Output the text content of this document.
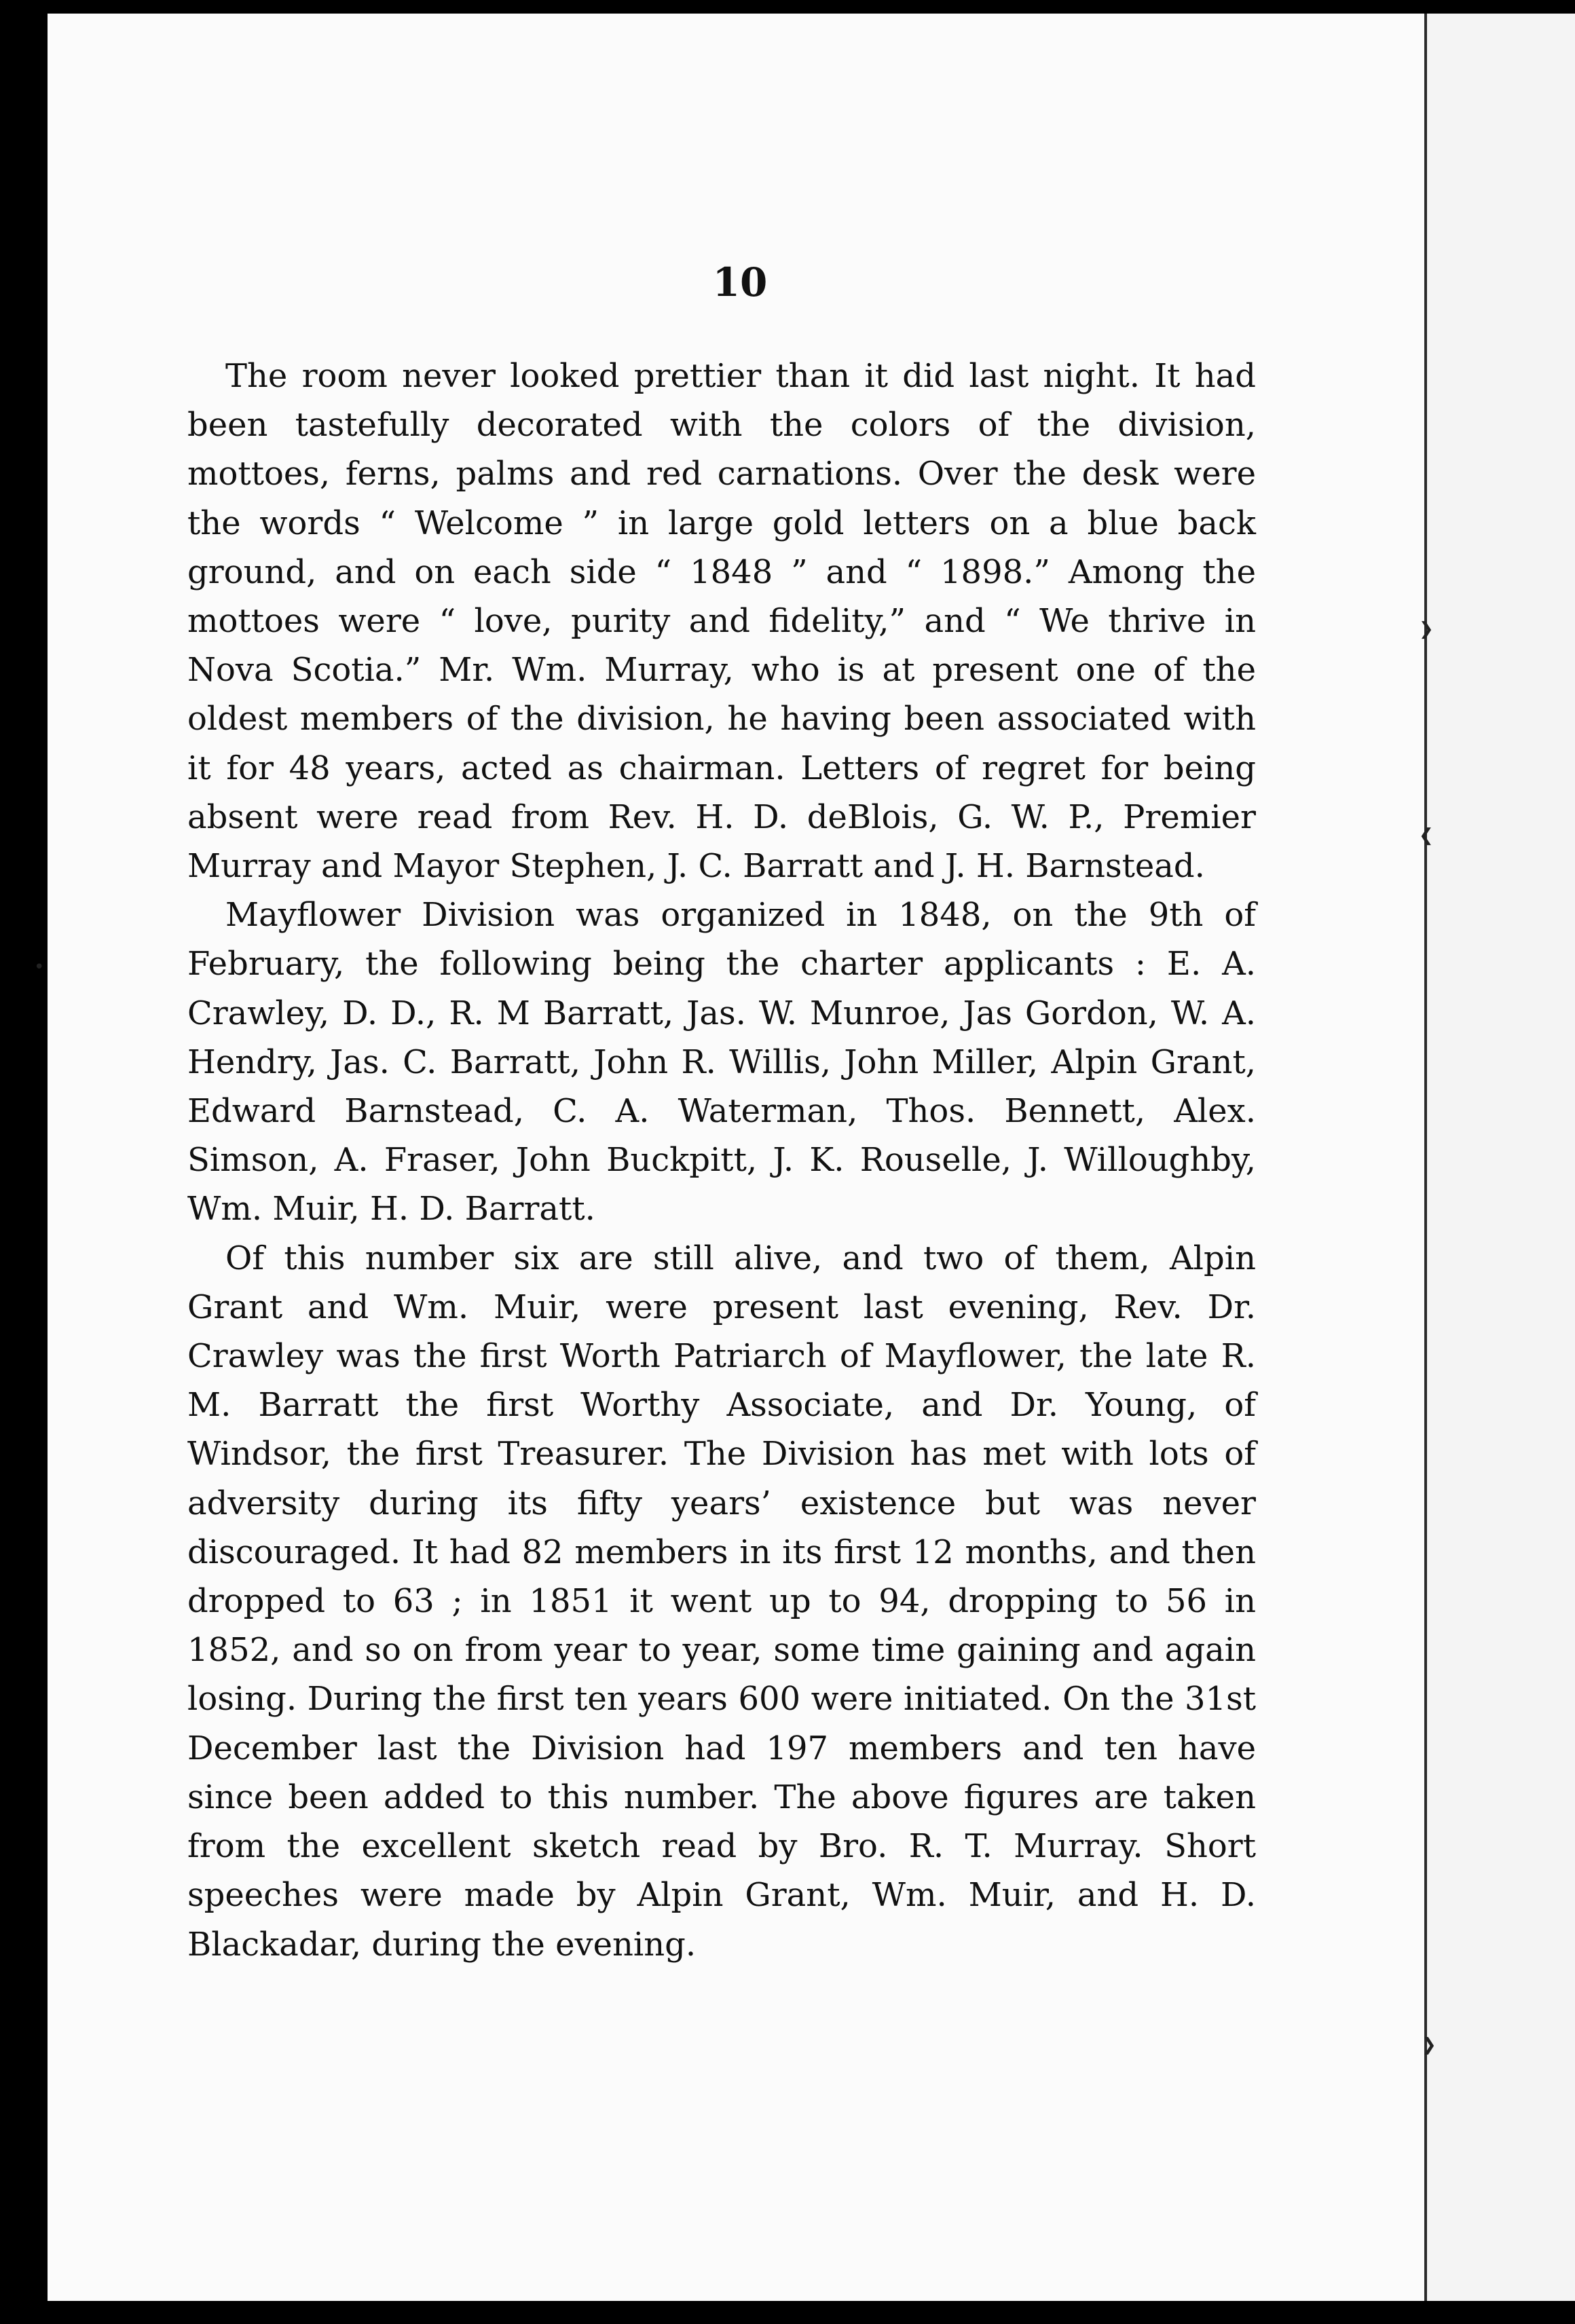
10

The room never looked prettier than it did last night. It had been tastefully decorated with the colors of the division, mottoes, ferns, palms and red carnations. Over the desk were the words “ Welcome ” in large gold letters on a blue back ground, and on each side “ 1848 ” and “ 1898.” Among the mottoes were “ love, purity and fidelity,” and “ We thrive in Nova Scotia.” Mr. Wm. Murray, who is at present one of the oldest members of the division, he having been associated with it for 48 years, acted as chairman. Letters of regret for being absent were read from Rev. H. D. deBlois, G. W. P., Premier Murray and Mayor Stephen, J. C. Barratt and J. H. Barnstead.

Mayflower Division was organized in 1848, on the 9th of February, the following being the charter applicants : E. A. Crawley, D. D., R. M Barratt, Jas. W. Munroe, Jas Gordon, W. A. Hendry, Jas. C. Barratt, John R. Willis, John Miller, Alpin Grant, Edward Barnstead, C. A. Waterman, Thos. Bennett, Alex. Simson, A. Fraser, John Buckpitt, J. K. Rouselle, J. Willoughby, Wm. Muir, H. D. Barratt.

Of this number six are still alive, and two of them, Alpin Grant and Wm. Muir, were present last evening, Rev. Dr. Crawley was the first Worth Patriarch of Mayflower, the late R. M. Barratt the first Worthy Associate, and Dr. Young, of Windsor, the first Treasurer. The Division has met with lots of adversity during its fifty years’ existence but was never discouraged. It had 82 members in its first 12 months, and then dropped to 63 ; in 1851 it went up to 94, dropping to 56 in 1852, and so on from year to year, some time gaining and again losing. During the first ten years 600 were initiated. On the 31st December last the Division had 197 members and ten have since been added to this number. The above figures are taken from the excellent sketch read by Bro. R. T. Murray. Short speeches were made by Alpin Grant, Wm. Muir, and H. D. Blackadar, during the evening.

❯
❮
❯
•
